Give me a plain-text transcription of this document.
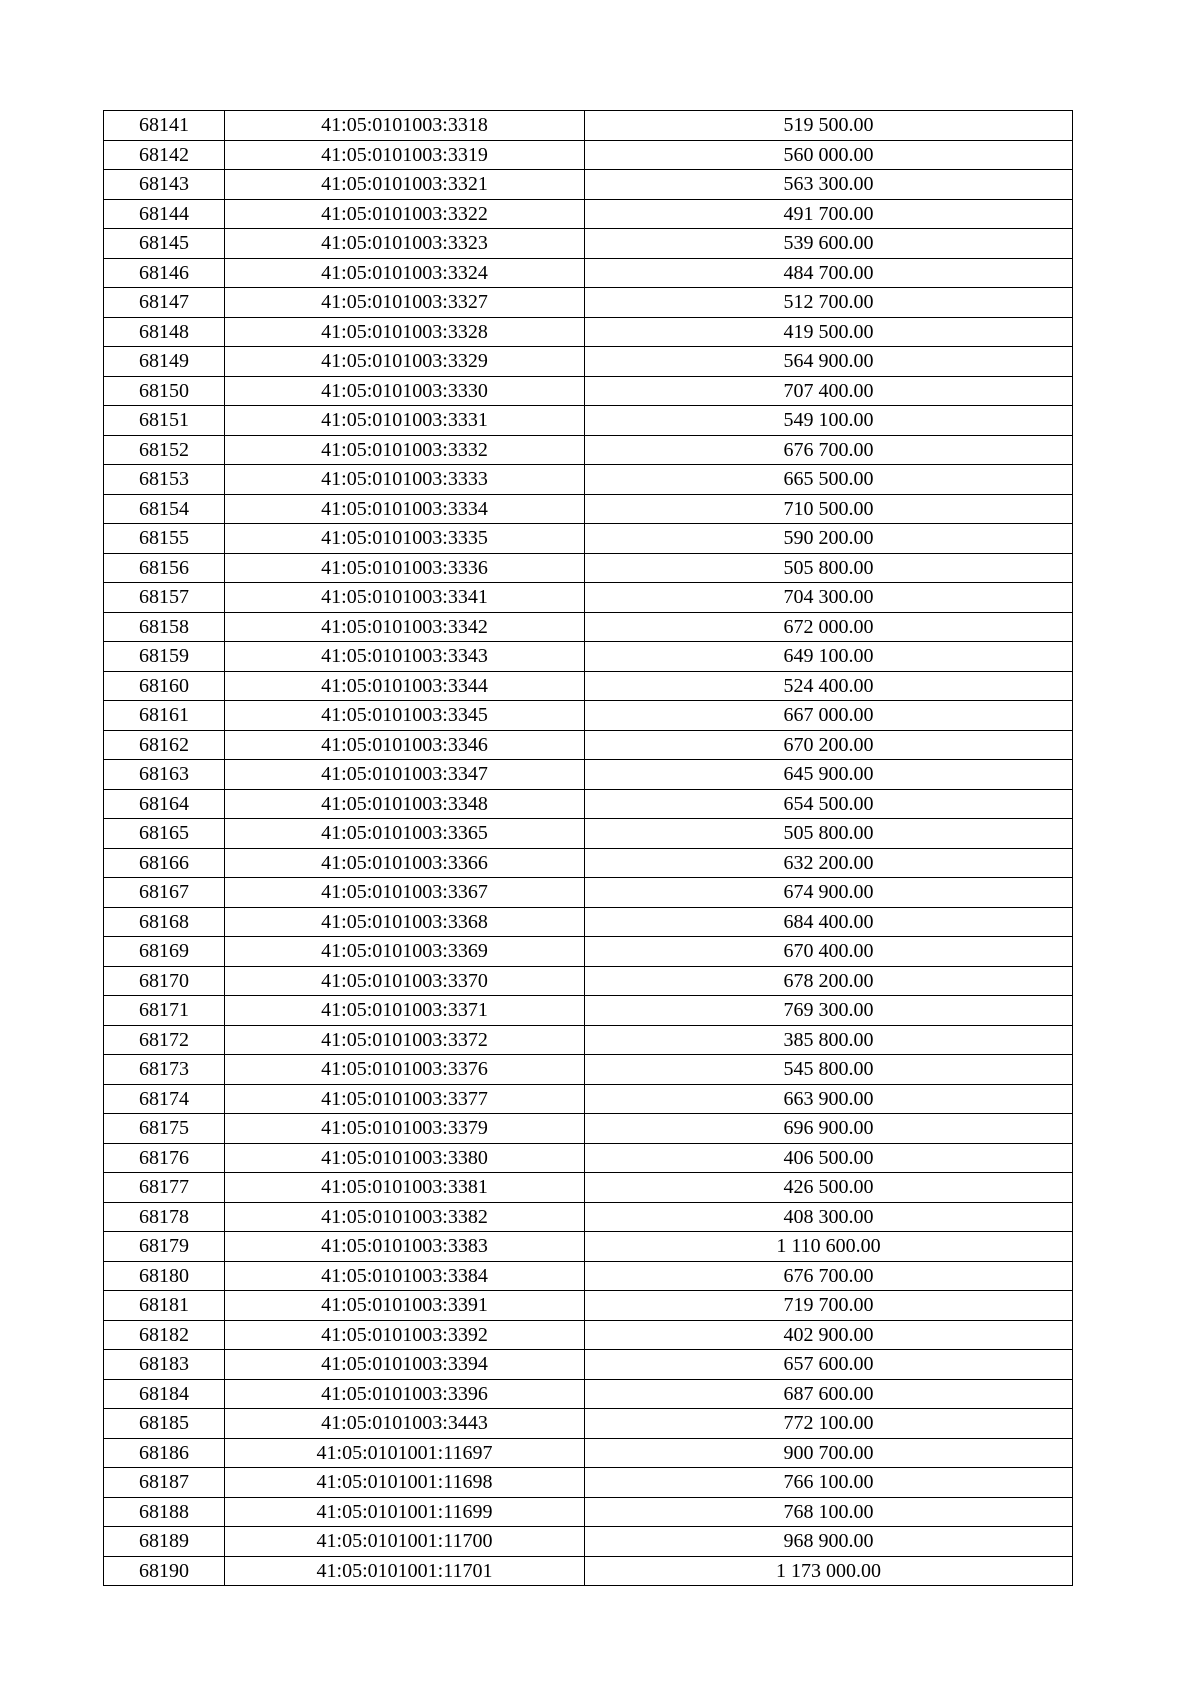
68141	41:05:0101003:3318	519 500.00
68142	41:05:0101003:3319	560 000.00
68143	41:05:0101003:3321	563 300.00
68144	41:05:0101003:3322	491 700.00
68145	41:05:0101003:3323	539 600.00
68146	41:05:0101003:3324	484 700.00
68147	41:05:0101003:3327	512 700.00
68148	41:05:0101003:3328	419 500.00
68149	41:05:0101003:3329	564 900.00
68150	41:05:0101003:3330	707 400.00
68151	41:05:0101003:3331	549 100.00
68152	41:05:0101003:3332	676 700.00
68153	41:05:0101003:3333	665 500.00
68154	41:05:0101003:3334	710 500.00
68155	41:05:0101003:3335	590 200.00
68156	41:05:0101003:3336	505 800.00
68157	41:05:0101003:3341	704 300.00
68158	41:05:0101003:3342	672 000.00
68159	41:05:0101003:3343	649 100.00
68160	41:05:0101003:3344	524 400.00
68161	41:05:0101003:3345	667 000.00
68162	41:05:0101003:3346	670 200.00
68163	41:05:0101003:3347	645 900.00
68164	41:05:0101003:3348	654 500.00
68165	41:05:0101003:3365	505 800.00
68166	41:05:0101003:3366	632 200.00
68167	41:05:0101003:3367	674 900.00
68168	41:05:0101003:3368	684 400.00
68169	41:05:0101003:3369	670 400.00
68170	41:05:0101003:3370	678 200.00
68171	41:05:0101003:3371	769 300.00
68172	41:05:0101003:3372	385 800.00
68173	41:05:0101003:3376	545 800.00
68174	41:05:0101003:3377	663 900.00
68175	41:05:0101003:3379	696 900.00
68176	41:05:0101003:3380	406 500.00
68177	41:05:0101003:3381	426 500.00
68178	41:05:0101003:3382	408 300.00
68179	41:05:0101003:3383	1 110 600.00
68180	41:05:0101003:3384	676 700.00
68181	41:05:0101003:3391	719 700.00
68182	41:05:0101003:3392	402 900.00
68183	41:05:0101003:3394	657 600.00
68184	41:05:0101003:3396	687 600.00
68185	41:05:0101003:3443	772 100.00
68186	41:05:0101001:11697	900 700.00
68187	41:05:0101001:11698	766 100.00
68188	41:05:0101001:11699	768 100.00
68189	41:05:0101001:11700	968 900.00
68190	41:05:0101001:11701	1 173 000.00
